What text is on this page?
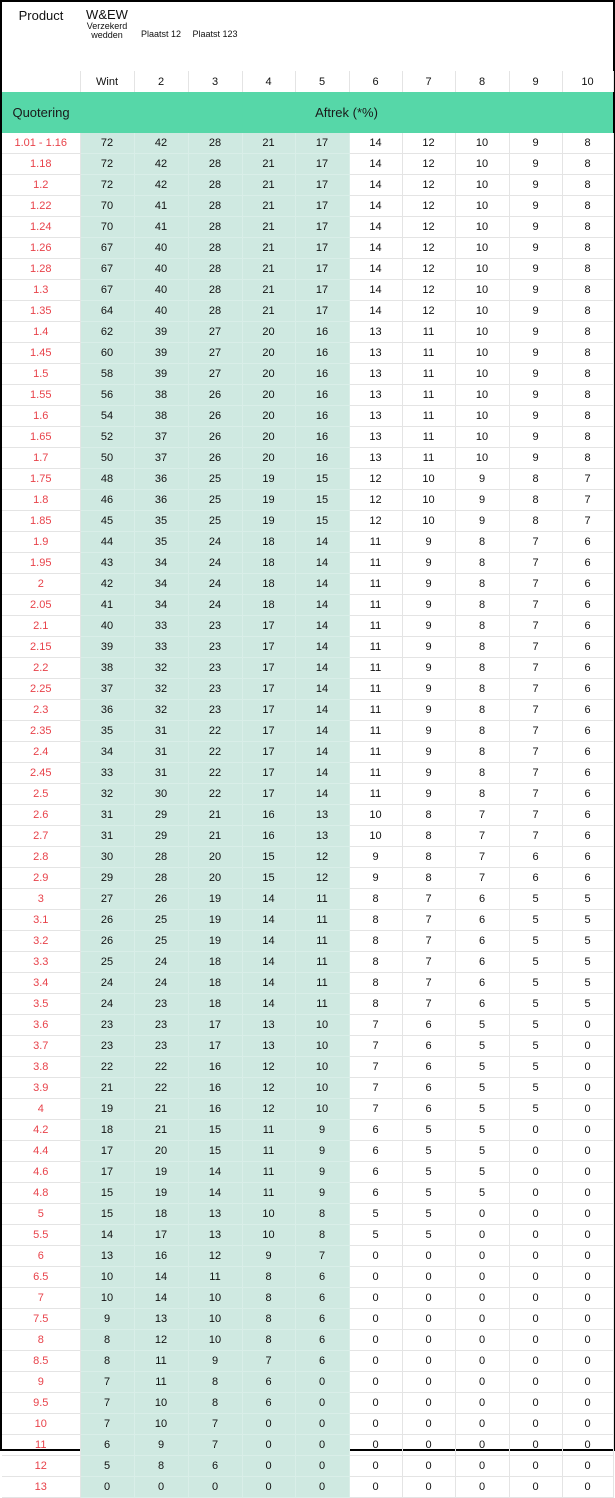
Product	W&EW
Verzekerd
wedden	Plaatst 12	Plaatst 123							
	Wint	2	3	4	5	6	7	8	9	10
Quotering	Aftrek (*%)									
1.01 - 1.16	72	42	28	21	17	14	12	10	9	8
1.18	72	42	28	21	17	14	12	10	9	8
1.2	72	42	28	21	17	14	12	10	9	8
1.22	70	41	28	21	17	14	12	10	9	8
1.24	70	41	28	21	17	14	12	10	9	8
1.26	67	40	28	21	17	14	12	10	9	8
1.28	67	40	28	21	17	14	12	10	9	8
1.3	67	40	28	21	17	14	12	10	9	8
1.35	64	40	28	21	17	14	12	10	9	8
1.4	62	39	27	20	16	13	11	10	9	8
1.45	60	39	27	20	16	13	11	10	9	8
1.5	58	39	27	20	16	13	11	10	9	8
1.55	56	38	26	20	16	13	11	10	9	8
1.6	54	38	26	20	16	13	11	10	9	8
1.65	52	37	26	20	16	13	11	10	9	8
1.7	50	37	26	20	16	13	11	10	9	8
1.75	48	36	25	19	15	12	10	9	8	7
1.8	46	36	25	19	15	12	10	9	8	7
1.85	45	35	25	19	15	12	10	9	8	7
1.9	44	35	24	18	14	11	9	8	7	6
1.95	43	34	24	18	14	11	9	8	7	6
2	42	34	24	18	14	11	9	8	7	6
2.05	41	34	24	18	14	11	9	8	7	6
2.1	40	33	23	17	14	11	9	8	7	6
2.15	39	33	23	17	14	11	9	8	7	6
2.2	38	32	23	17	14	11	9	8	7	6
2.25	37	32	23	17	14	11	9	8	7	6
2.3	36	32	23	17	14	11	9	8	7	6
2.35	35	31	22	17	14	11	9	8	7	6
2.4	34	31	22	17	14	11	9	8	7	6
2.45	33	31	22	17	14	11	9	8	7	6
2.5	32	30	22	17	14	11	9	8	7	6
2.6	31	29	21	16	13	10	8	7	7	6
2.7	31	29	21	16	13	10	8	7	7	6
2.8	30	28	20	15	12	9	8	7	6	6
2.9	29	28	20	15	12	9	8	7	6	6
3	27	26	19	14	11	8	7	6	5	5
3.1	26	25	19	14	11	8	7	6	5	5
3.2	26	25	19	14	11	8	7	6	5	5
3.3	25	24	18	14	11	8	7	6	5	5
3.4	24	24	18	14	11	8	7	6	5	5
3.5	24	23	18	14	11	8	7	6	5	5
3.6	23	23	17	13	10	7	6	5	5	0
3.7	23	23	17	13	10	7	6	5	5	0
3.8	22	22	16	12	10	7	6	5	5	0
3.9	21	22	16	12	10	7	6	5	5	0
4	19	21	16	12	10	7	6	5	5	0
4.2	18	21	15	11	9	6	5	5	0	0
4.4	17	20	15	11	9	6	5	5	0	0
4.6	17	19	14	11	9	6	5	5	0	0
4.8	15	19	14	11	9	6	5	5	0	0
5	15	18	13	10	8	5	5	0	0	0
5.5	14	17	13	10	8	5	5	0	0	0
6	13	16	12	9	7	0	0	0	0	0
6.5	10	14	11	8	6	0	0	0	0	0
7	10	14	10	8	6	0	0	0	0	0
7.5	9	13	10	8	6	0	0	0	0	0
8	8	12	10	8	6	0	0	0	0	0
8.5	8	11	9	7	6	0	0	0	0	0
9	7	11	8	6	0	0	0	0	0	0
9.5	7	10	8	6	0	0	0	0	0	0
10	7	10	7	0	0	0	0	0	0	0
11	6	9	7	0	0	0	0	0	0	0
12	5	8	6	0	0	0	0	0	0	0
13	0	0	0	0	0	0	0	0	0	0
